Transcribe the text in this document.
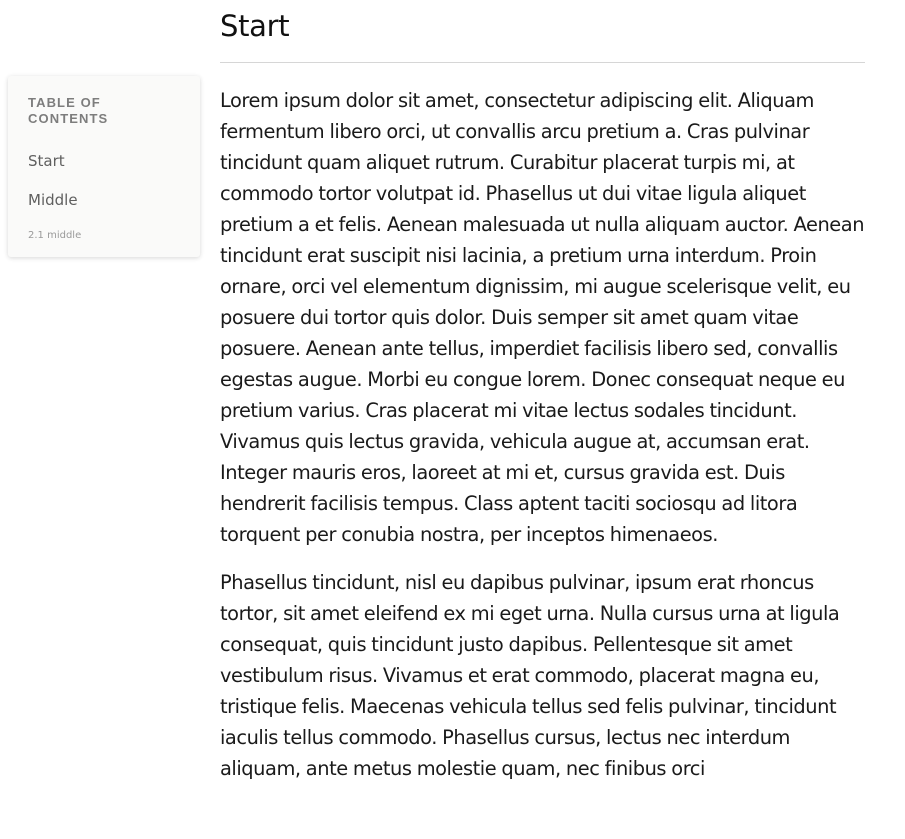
TABLE OF CONTENTS

Start
Middle
2.1 middle
Start

Lorem ipsum dolor sit amet, consectetur adipiscing elit. Aliquam fermentum libero orci, ut convallis arcu pretium a. Cras pulvinar tincidunt quam aliquet rutrum. Curabitur placerat turpis mi, at commodo tortor volutpat id. Phasellus ut dui vitae ligula aliquet pretium a et felis. Aenean malesuada ut nulla aliquam auctor. Aenean tincidunt erat suscipit nisi lacinia, a pretium urna interdum. Proin ornare, orci vel elementum dignissim, mi augue scelerisque velit, eu posuere dui tortor quis dolor. Duis semper sit amet quam vitae posuere. Aenean ante tellus, imperdiet facilisis libero sed, convallis egestas augue. Morbi eu congue lorem. Donec consequat neque eu pretium varius. Cras placerat mi vitae lectus sodales tincidunt. Vivamus quis lectus gravida, vehicula augue at, accumsan erat. Integer mauris eros, laoreet at mi et, cursus gravida est. Duis hendrerit facilisis tempus. Class aptent taciti sociosqu ad litora torquent per conubia nostra, per inceptos himenaeos.

Phasellus tincidunt, nisl eu dapibus pulvinar, ipsum erat rhoncus tortor, sit amet eleifend ex mi eget urna. Nulla cursus urna at ligula consequat, quis tincidunt justo dapibus. Pellentesque sit amet vestibulum risus. Vivamus et erat commodo, placerat magna eu, tristique felis. Maecenas vehicula tellus sed felis pulvinar, tincidunt iaculis tellus commodo. Phasellus cursus, lectus nec interdum aliquam, ante metus molestie quam, nec finibus orci
